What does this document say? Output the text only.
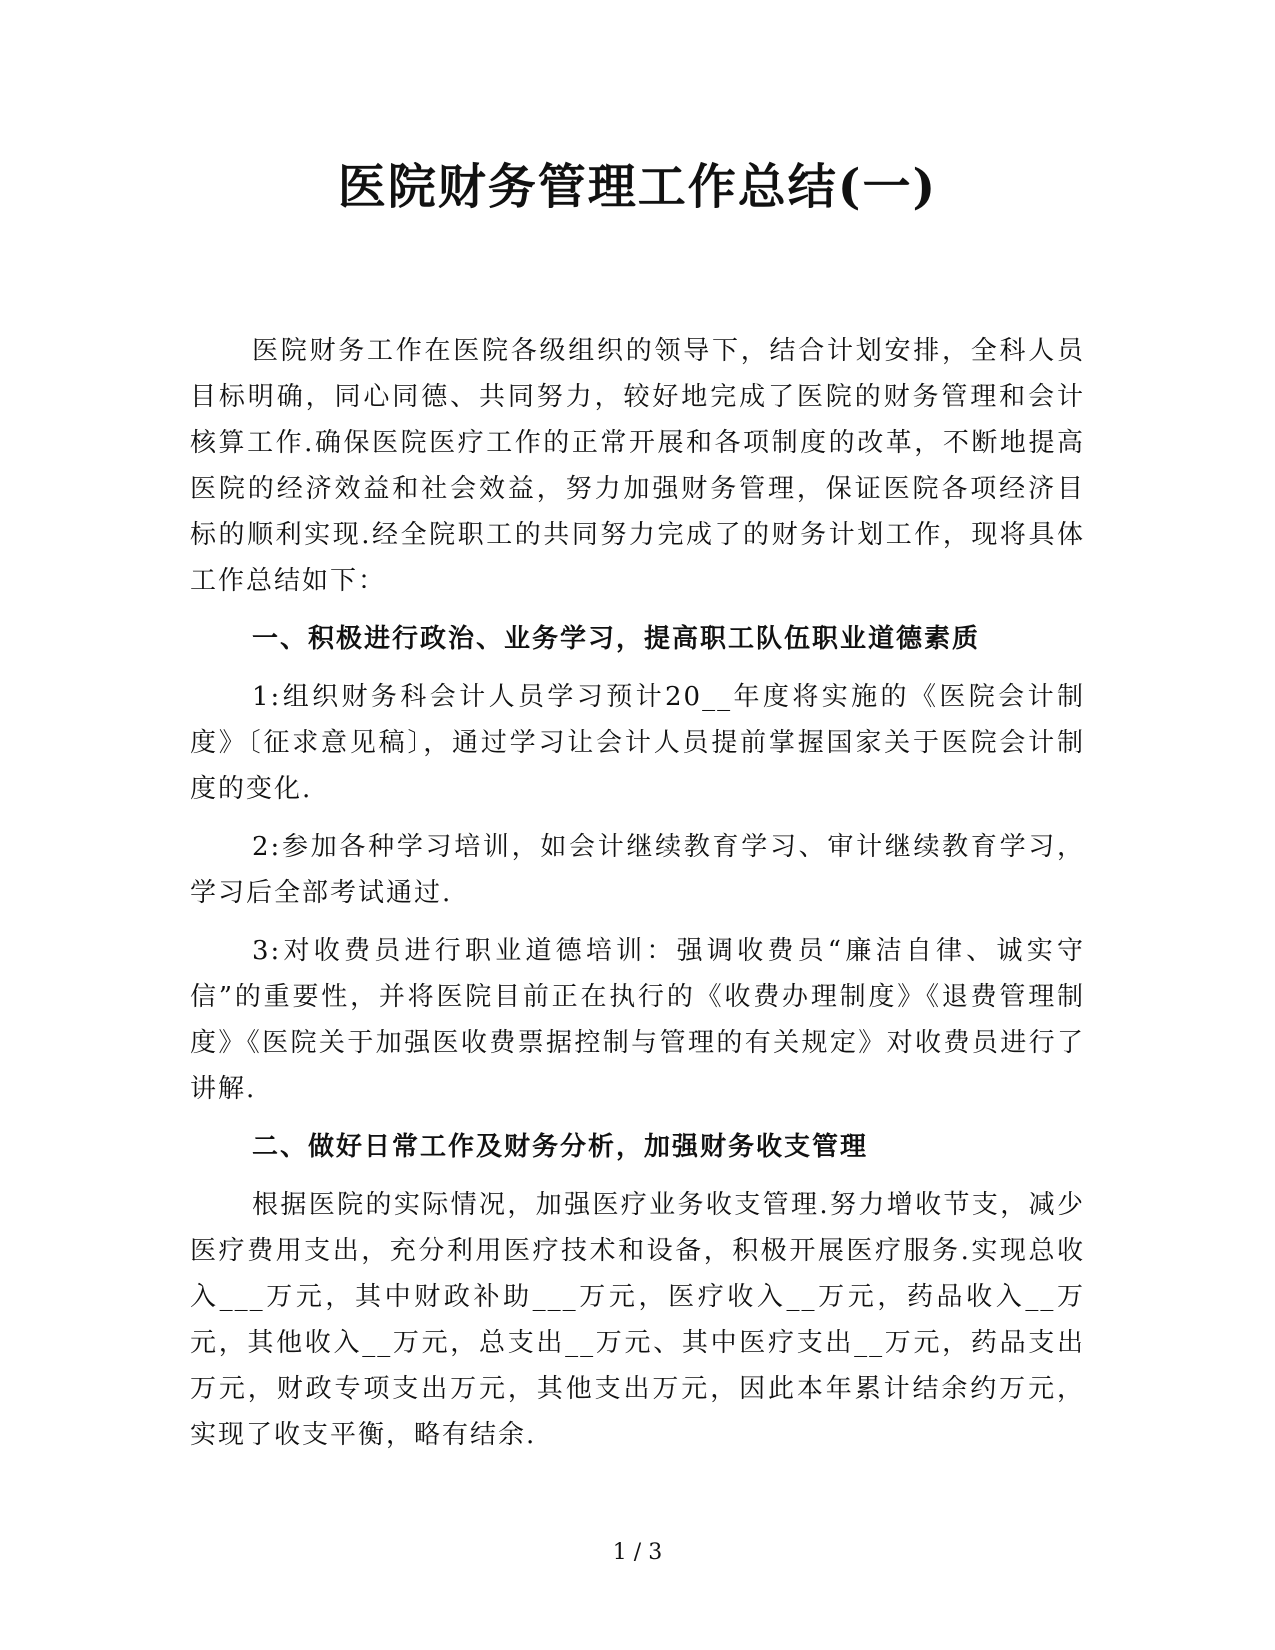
医院财务管理工作总结(一)

医院财务工作在医院各级组织的领导下，结合计划安排，全科人员目标明确，同心同德、共同努力，较好地完成了医院的财务管理和会计核算工作.确保医院医疗工作的正常开展和各项制度的改革，不断地提高医院的经济效益和社会效益，努力加强财务管理，保证医院各项经济目标的顺利实现.经全院职工的共同努力完成了的财务计划工作，现将具体工作总结如下：

一、积极进行政治、业务学习，提高职工队伍职业道德素质

1:组织财务科会计人员学习预计20__年度将实施的《医院会计制度》〔征求意见稿〕，通过学习让会计人员提前掌握国家关于医院会计制度的变化.

2:参加各种学习培训，如会计继续教育学习、审计继续教育学习，学习后全部考试通过.

3:对收费员进行职业道德培训：强调收费员“廉洁自律、诚实守信”的重要性，并将医院目前正在执行的《收费办理制度》《退费管理制度》《医院关于加强医收费票据控制与管理的有关规定》对收费员进行了讲解.

二、做好日常工作及财务分析，加强财务收支管理

根据医院的实际情况，加强医疗业务收支管理.努力增收节支，减少医疗费用支出，充分利用医疗技术和设备，积极开展医疗服务.实现总收入___万元，其中财政补助___万元，医疗收入__万元，药品收入__万元，其他收入__万元，总支出__万元、其中医疗支出__万元，药品支出万元，财政专项支出万元，其他支出万元，因此本年累计结余约万元，实现了收支平衡，略有结余.

1 / 3
